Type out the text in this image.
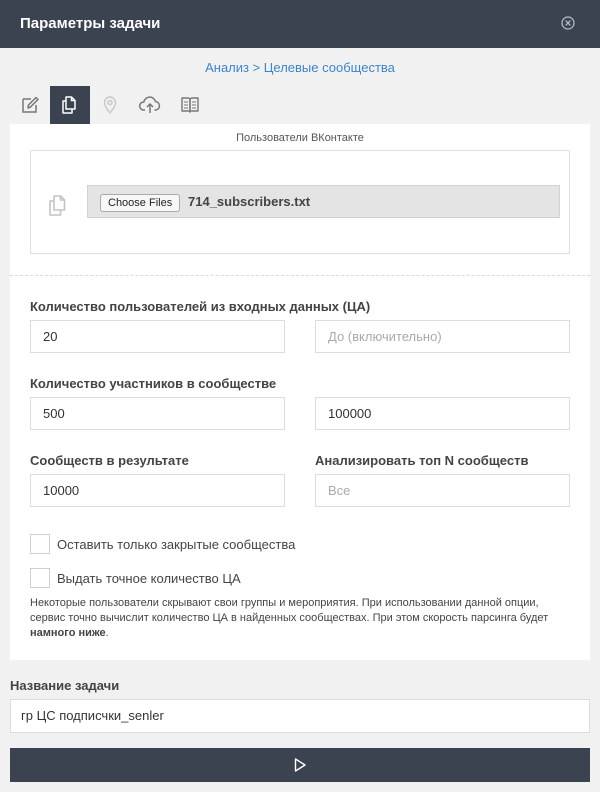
Параметры задачи
Анализ > Целевые сообщества
Пользователи ВКонтакте
Choose Files	714_subscribers.txt
Количество пользователей из входных данных (ЦА)
20	До (включительно)
Количество участников в сообществе
500	100000
Сообществ в результате
10000
Анализировать топ N сообществ
Все
Оставить только закрытые сообщества
Выдать точное количество ЦА
Некоторые пользователи скрывают свои группы и мероприятия. При использовании данной опции, сервис точно вычислит количество ЦА в найденных сообществах. При этом скорость парсинга будет намного ниже.
Название задачи
гр ЦС подписчки_senler
